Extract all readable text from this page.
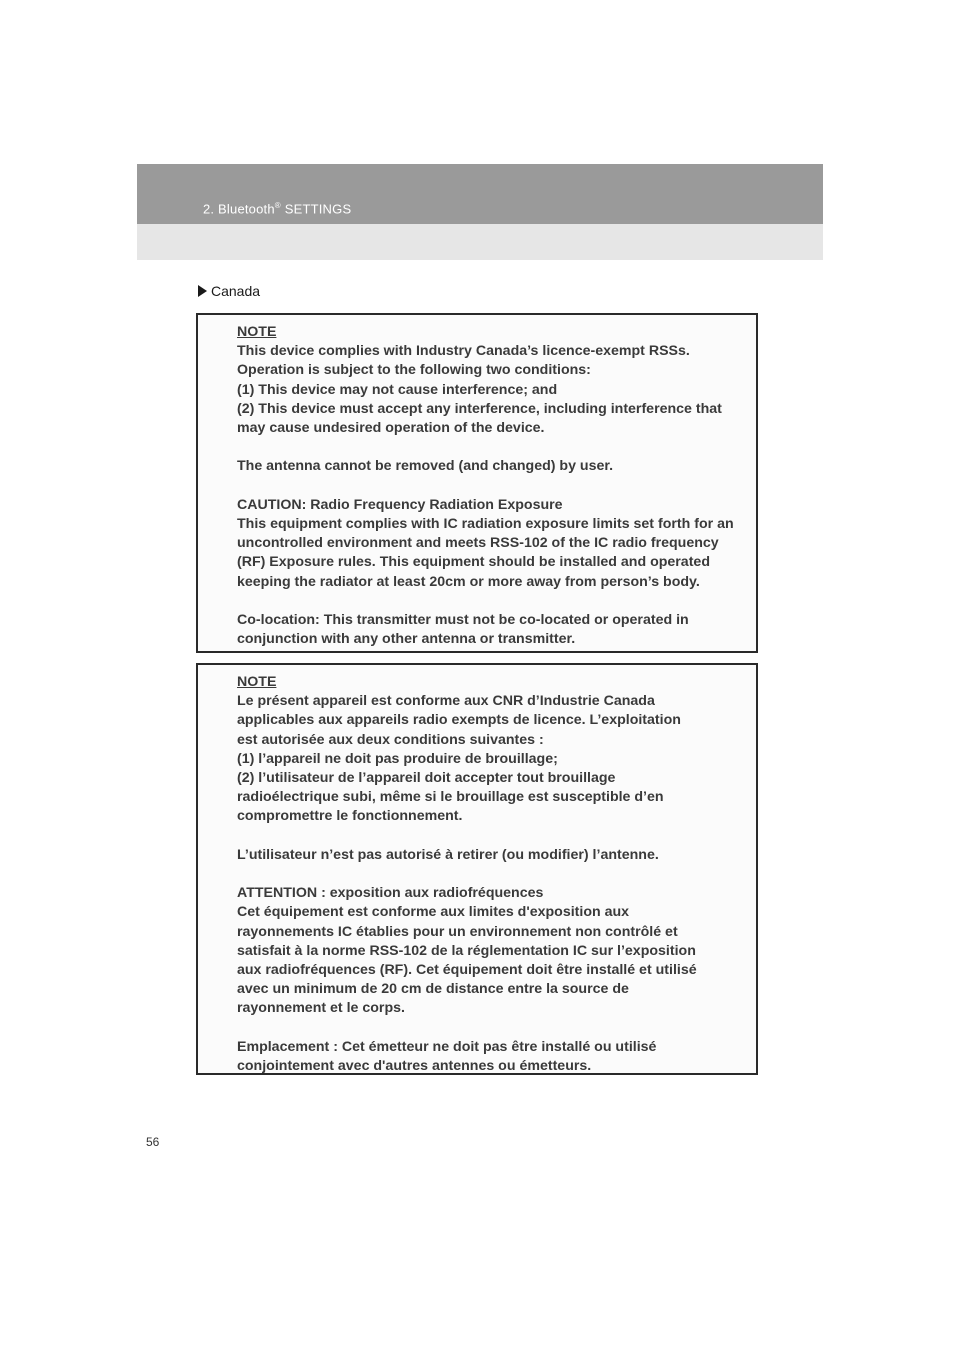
2. Bluetooth® SETTINGS
Canada
NOTE
This device complies with Industry Canada’s licence-exempt RSSs.
Operation is subject to the following two conditions:
(1) This device may not cause interference; and
(2) This device must accept any interference, including interference that
may cause undesired operation of the device.
The antenna cannot be removed (and changed) by user.
CAUTION: Radio Frequency Radiation Exposure
This equipment complies with IC radiation exposure limits set forth for an
uncontrolled environment and meets RSS-102 of the IC radio frequency
(RF) Exposure rules. This equipment should be installed and operated
keeping the radiator at least 20cm or more away from person’s body.
Co-location: This transmitter must not be co-located or operated in
conjunction with any other antenna or transmitter.
NOTE
Le présent appareil est conforme aux CNR d’Industrie Canada
applicables aux appareils radio exempts de licence. L’exploitation
est autorisée aux deux conditions suivantes :
(1) l’appareil ne doit pas produire de brouillage;
(2) l’utilisateur de l’appareil doit accepter tout brouillage
radioélectrique subi, même si le brouillage est susceptible d’en
compromettre le fonctionnement.
L’utilisateur n’est pas autorisé à retirer (ou modifier) l’antenne.
ATTENTION : exposition aux radiofréquences
Cet équipement est conforme aux limites d'exposition aux
rayonnements IC établies pour un environnement non contrôlé et
satisfait à la norme RSS-102 de la réglementation IC sur l’exposition
aux radiofréquences (RF). Cet équipement doit être installé et utilisé
avec un minimum de 20 cm de distance entre la source de
rayonnement et le corps.
Emplacement : Cet émetteur ne doit pas être installé ou utilisé
conjointement avec d'autres antennes ou émetteurs.
56
